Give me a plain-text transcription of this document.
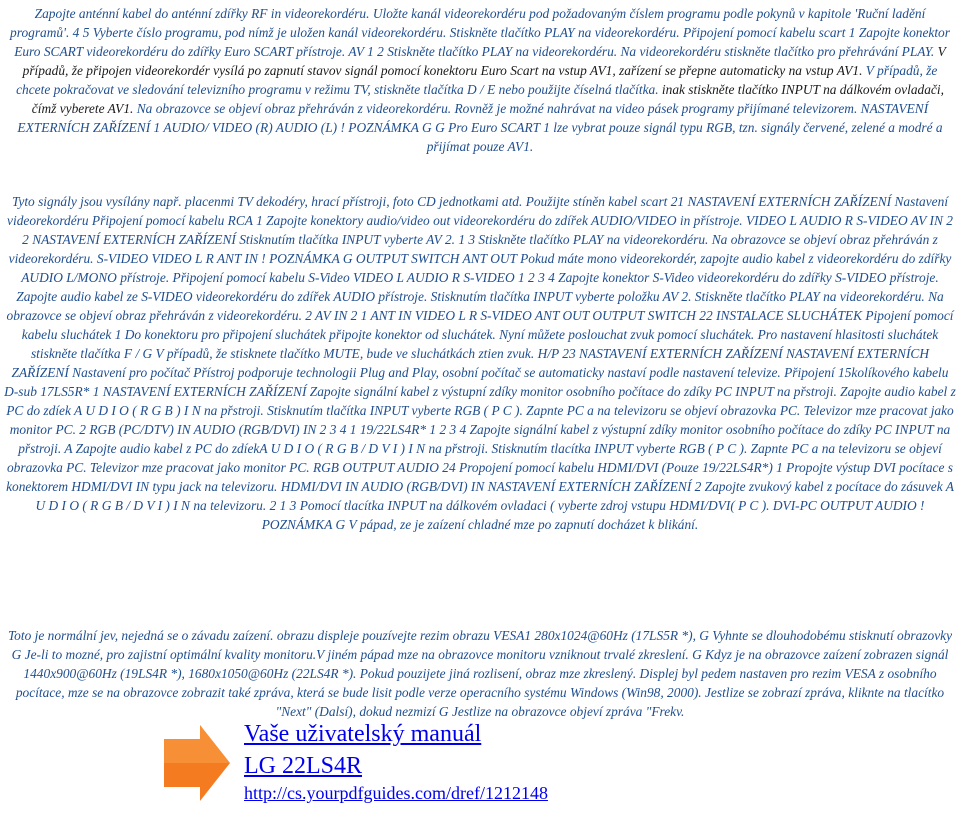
Zapojte anténní kabel do anténní zdířky RF in videorekordéru. Uložte kanál videorekordéru pod požadovaným číslem programu podle pokynů v kapitole 'Ruční ladění programů'. 4 5 Vyberte číslo programu, pod nímž je uložen kanál videorekordéru. Stiskněte tlačítko PLAY na videorekordéru. Připojení pomocí kabelu scart 1 Zapojte konektor Euro SCART videorekordéru do zdířky Euro SCART přístroje. AV 1 2 Stiskněte tlačítko PLAY na videorekordéru. Na videorekordéru stiskněte tlačítko pro přehrávání PLAY. V případů, že připojen videorekordér vysílá po zapnutí stavov signál pomocí konektoru Euro Scart na vstup AV1, zařízení se přepne automaticky na vstup AV1. V případů, že chcete pokračovat ve sledování televizního programu v režimu TV, stiskněte tlačítka D / E nebo použijte číselná tlačítka. inak stiskněte tlačítko INPUT na dálkovém ovladači, čímž vyberete AV1. Na obrazovce se objeví obraz přehráván z videorekordéru. Rovněž je možné nahrávat na video pásek programy přijímané televizorem. NASTAVENÍ EXTERNÍCH ZAŘÍZENÍ 1 AUDIO/ VIDEO (R) AUDIO (L) ! POZNÁMKA G G Pro Euro SCART 1 lze vybrat pouze signál typu RGB, tzn. signály červené, zelené a modré a přijímat pouze AV1.

Tyto signály jsou vysílány např. placenmi TV dekodéry, hrací přístroji, foto CD jednotkami atd. Použijte stíněn kabel scart 21 NASTAVENÍ EXTERNÍCH ZAŘÍZENÍ Nastavení videorekordéru Připojení pomocí kabelu RCA 1 Zapojte konektory audio/video out videorekordéru do zdířek AUDIO/VIDEO in přístroje. VIDEO L AUDIO R S-VIDEO AV IN 2 2 NASTAVENÍ EXTERNÍCH ZAŘÍZENÍ Stisknutím tlačítka INPUT vyberte AV 2. 1 3 Stiskněte tlačítko PLAY na videorekordéru. Na obrazovce se objeví obraz přehráván z videorekordéru. S-VIDEO VIDEO L R ANT IN ! POZNÁMKA G OUTPUT SWITCH ANT OUT Pokud máte mono videorekordér, zapojte audio kabel z videorekordéru do zdířky AUDIO L/MONO přístroje. Připojení pomocí kabelu S-Video VIDEO L AUDIO R S-VIDEO 1 2 3 4 Zapojte konektor S-Video videorekordéru do zdířky S-VIDEO přístroje. Zapojte audio kabel ze S-VIDEO videorekordéru do zdířek AUDIO přístroje. Stisknutím tlačítka INPUT vyberte položku AV 2. Stiskněte tlačítko PLAY na videorekordéru. Na obrazovce se objeví obraz přehráván z videorekordéru. 2 AV IN 2 1 ANT IN VIDEO L R S-VIDEO ANT OUT OUTPUT SWITCH 22 INSTALACE SLUCHÁTEK Pipojení pomocí kabelu sluchátek 1 Do konektoru pro připojení sluchátek připojte konektor od sluchátek. Nyní můžete poslouchat zvuk pomocí sluchátek. Pro nastavení hlasitosti sluchátek stiskněte tlačítka F / G V případů, že stisknete tlačítko MUTE, bude ve sluchátkách ztien zvuk. H/P 23 NASTAVENÍ EXTERNÍCH ZAŘÍZENÍ NASTAVENÍ EXTERNÍCH ZAŘÍZENÍ Nastavení pro počítač Přístroj podporuje technologii Plug and Play, osobní počítač se automaticky nastaví podle nastavení televize. Připojení 15kolíkového kabelu D-sub 17LS5R* 1 NASTAVENÍ EXTERNÍCH ZAŘÍZENÍ Zapojte signální kabel z výstupní zdíky monitor osobního počítace do zdíky PC INPUT na přstroji. Zapojte audio kabel z PC do zdíek A U D I O ( R G B ) I N na přstroji. Stisknutím tlačítka INPUT vyberte RGB ( P C ). Zapnte PC a na televizoru se objeví obrazovka PC. Televizor mze pracovat jako monitor PC. 2 RGB (PC/DTV) IN AUDIO (RGB/DVI) IN 2 3 4 1 19/22LS4R* 1 2 3 4 Zapojte signální kabel z výstupní zdíky monitor osobního počítace do zdíky PC INPUT na přstroji. A Zapojte audio kabel z PC do zdíekA U D I O ( R G B / D V I ) I N na přstroji. Stisknutím tlacítka INPUT vyberte RGB ( P C ). Zapnte PC a na televizoru se objeví obrazovka PC. Televizor mze pracovat jako monitor PC. RGB OUTPUT AUDIO 24 Propojení pomocí kabelu HDMI/DVI (Pouze 19/22LS4R*) 1 Propojte výstup DVI pocítace s konektorem HDMI/DVI IN typu jack na televizoru. HDMI/DVI IN AUDIO (RGB/DVI) IN NASTAVENÍ EXTERNÍCH ZAŘÍZENÍ 2 Zapojte zvukový kabel z pocítace do zásuvek A U D I O ( R G B / D V I ) I N na televizoru. 2 1 3 Pomocí tlacítka INPUT na dálkovém ovladaci ( vyberte zdroj vstupu HDMI/DVI( P C ). DVI-PC OUTPUT AUDIO ! POZNÁMKA G V pápad, ze je zaízení chladné mze po zapnutí docházet k blikání.

Toto je normální jev, nejedná se o závadu zaízení. obrazu displeje pouzívejte rezim obrazu VESA1 280x1024@60Hz (17LS5R *), G Vyhnte se dlouhodobému stisknutí obrazovky G Je-li to mozné, pro zajistní optimální kvality monitoru.V jiném pápad mze na obrazovce monitoru vzniknout trvalé zkreslení. G Kdyz je na obrazovce zaízení zobrazen signál 1440x900@60Hz (19LS4R *), 1680x1050@60Hz (22LS4R *). Pokud pouzijete jiná rozlisení, obraz mze zkreslený. Displej byl pedem nastaven pro rezim VESA z osobního pocítace, mze se na obrazovce zobrazit také zpráva, která se bude lisit podle verze operacního systému Windows (Win98, 2000). Jestlize se zobrazí zpráva, kliknte na tlacítko "Next" (Dalsí), dokud nezmizí G Jestlize na obrazovce objeví zpráva "Frekv.

Vaše uživatelský manuál
LG 22LS4R
http://cs.yourpdfguides.com/dref/1212148
